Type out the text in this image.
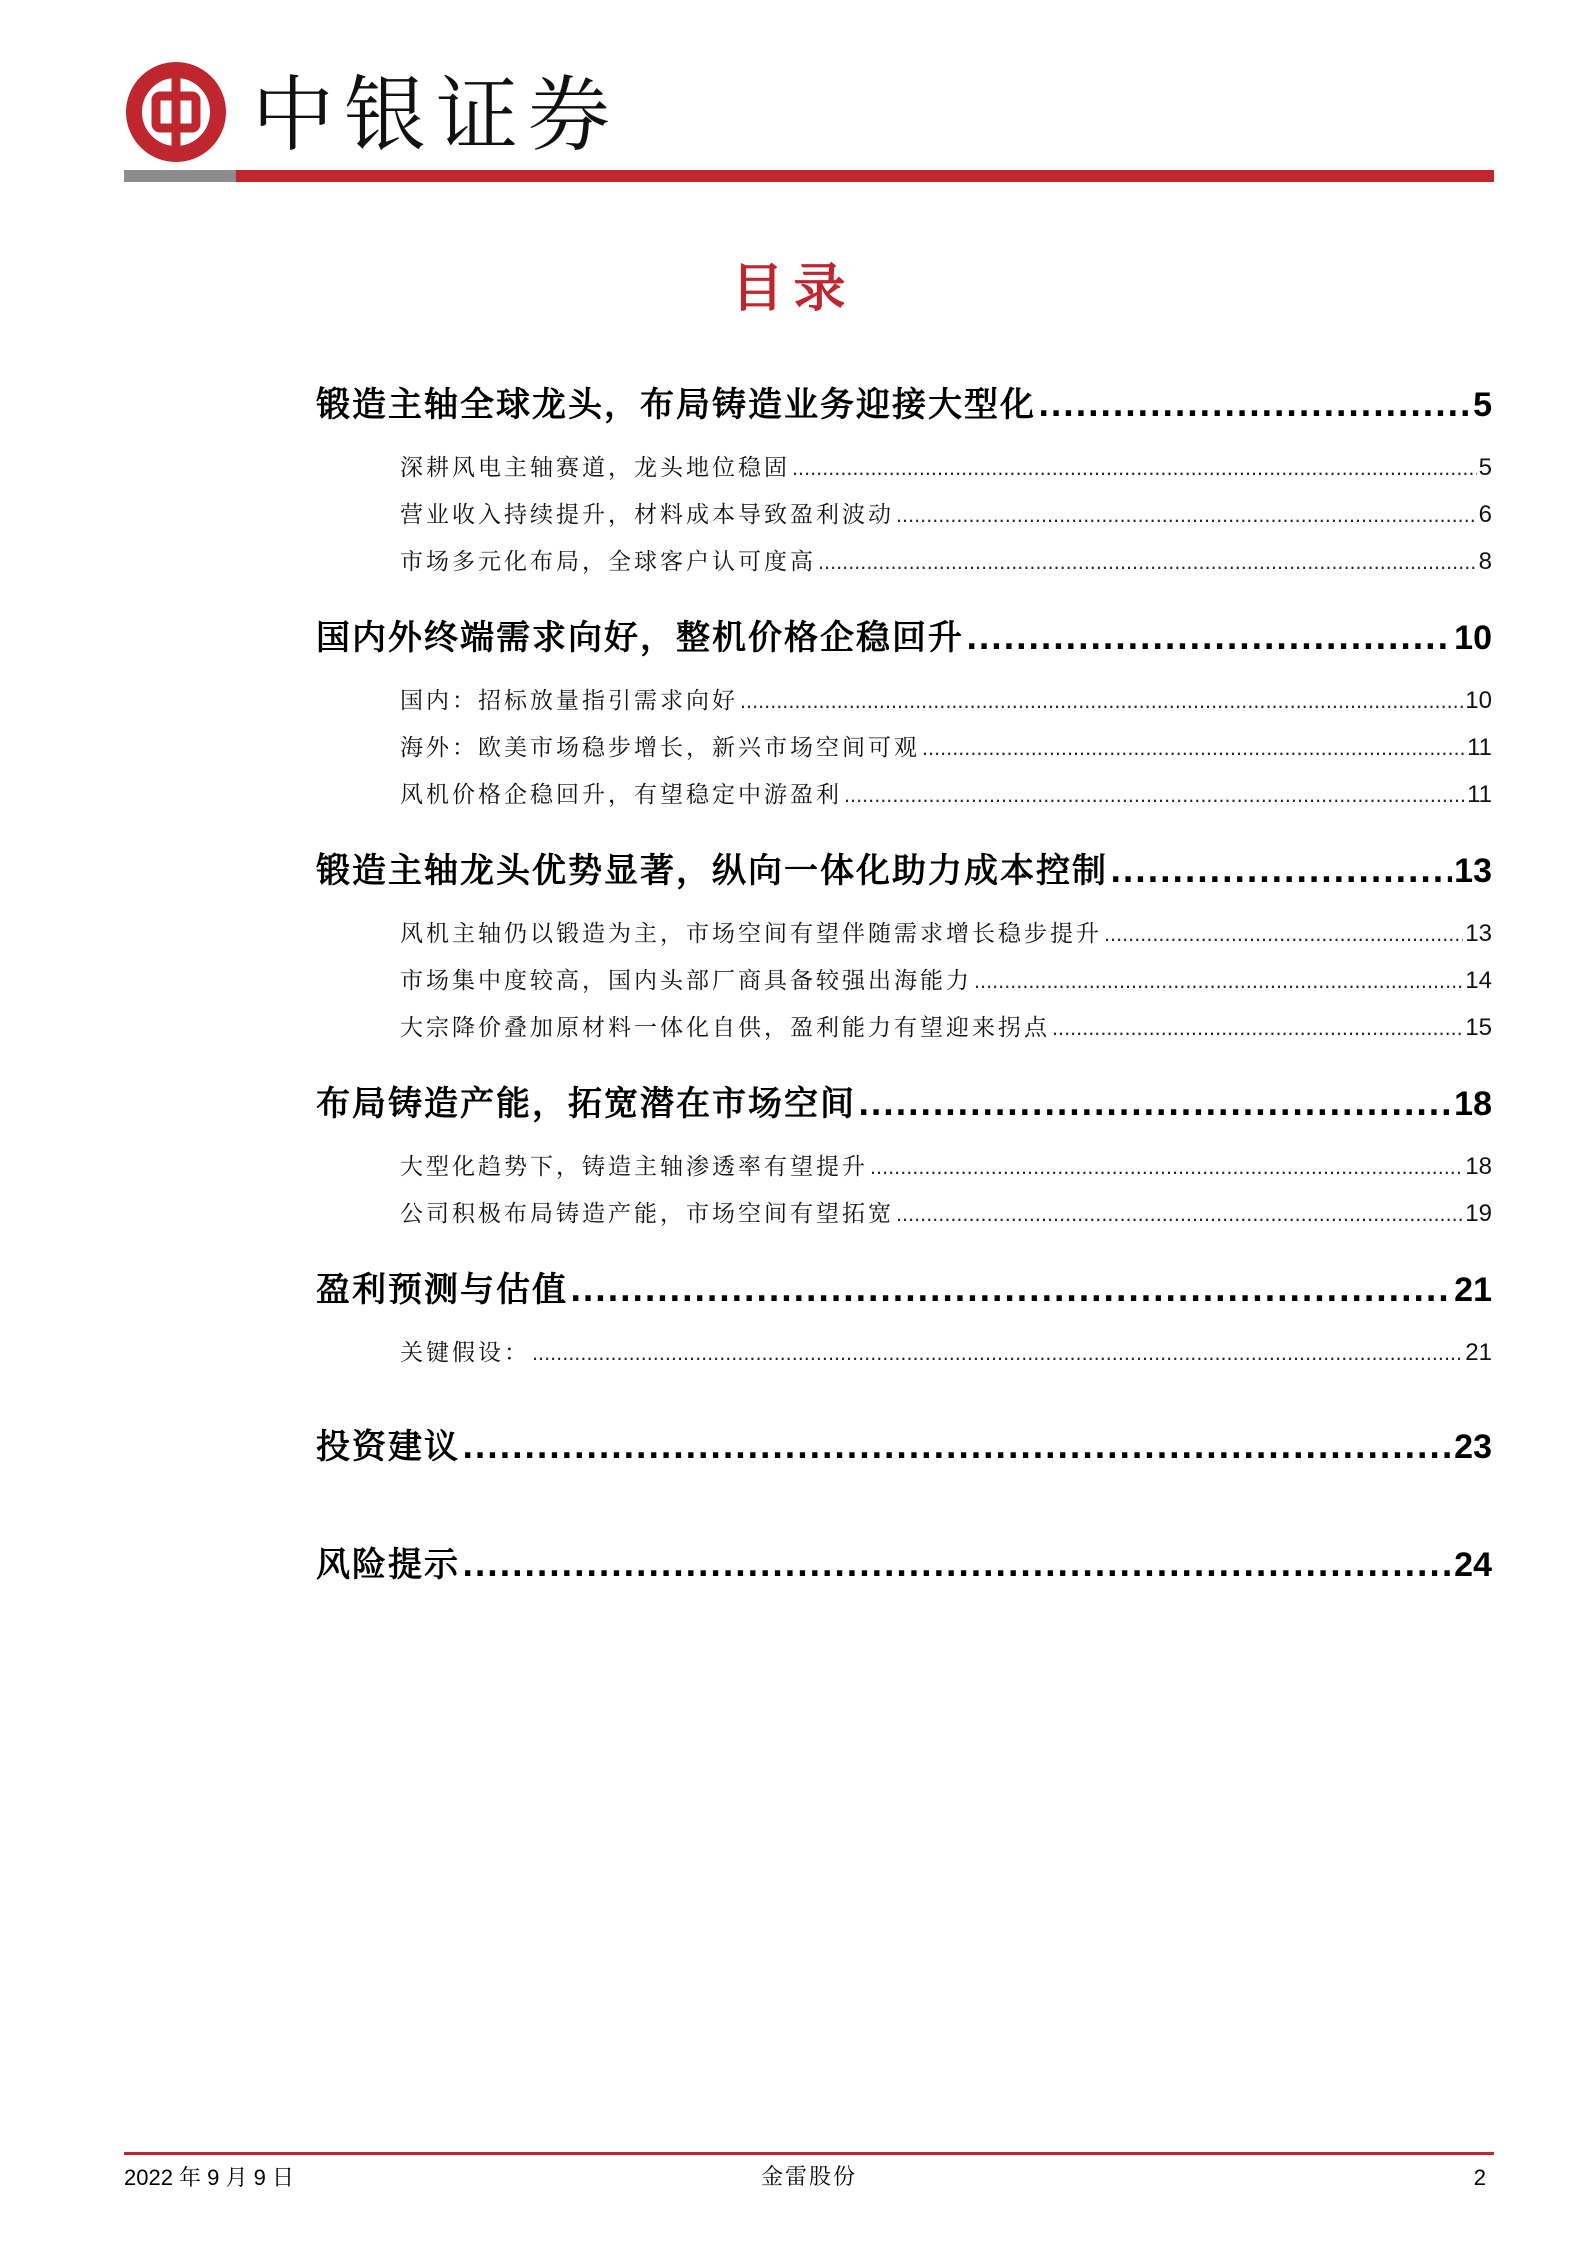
中银证券
目录
锻造主轴全球龙头，布局铸造业务迎接大型化 .....	5
深耕风电主轴赛道，龙头地位稳固 .....	5
营业收入持续提升，材料成本导致盈利波动 .....	6
市场多元化布局，全球客户认可度高 .....	8
国内外终端需求向好，整机价格企稳回升 .....	10
国内：招标放量指引需求向好 .....	10
海外：欧美市场稳步增长，新兴市场空间可观 .....	11
风机价格企稳回升，有望稳定中游盈利 .....	11
锻造主轴龙头优势显著，纵向一体化助力成本控制 .....	13
风机主轴仍以锻造为主，市场空间有望伴随需求增长稳步提升 .....	13
市场集中度较高，国内头部厂商具备较强出海能力 .....	14
大宗降价叠加原材料一体化自供，盈利能力有望迎来拐点 .....	15
布局铸造产能，拓宽潜在市场空间 .....	18
大型化趋势下，铸造主轴渗透率有望提升 .....	18
公司积极布局铸造产能，市场空间有望拓宽 .....	19
盈利预测与估值 .....	21
关键假设： .....	21
投资建议 .....	23
风险提示 .....	24
2022 年 9 月 9 日	金雷股份	2
